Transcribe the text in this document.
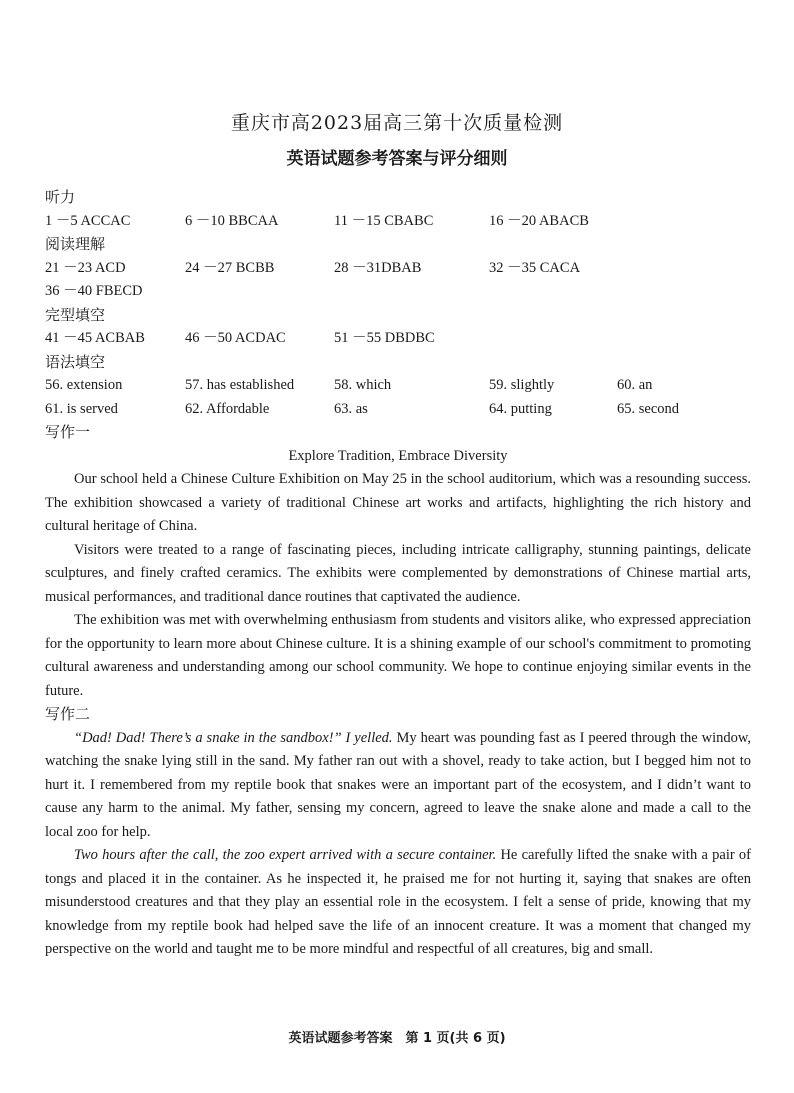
重庆市高2023届高三第十次质量检测
英语试题参考答案与评分细则
听力
1 －5 ACCAC	6 －10 BBCAA	11 －15 CBABC	16 －20 ABACB
阅读理解
21 －23 ACD	24 －27 BCBB	28 －31DBAB	32 －35 CACA
36 －40 FBECD
完型填空
41 －45 ACBAB	46 －50 ACDAC	51 －55 DBDBC
语法填空
56. extension	57. has established	58. which	59. slightly	60. an
61. is served	62. Affordable	63. as	64. putting	65. second
写作一
Explore Tradition, Embrace Diversity

Our school held a Chinese Culture Exhibition on May 25 in the school auditorium, which was a resounding success. The exhibition showcased a variety of traditional Chinese art works and artifacts, highlighting the rich history and cultural heritage of China.

Visitors were treated to a range of fascinating pieces, including intricate calligraphy, stunning paintings, delicate sculptures, and finely crafted ceramics. The exhibits were complemented by demonstrations of Chinese martial arts, musical performances, and traditional dance routines that captivated the audience.

The exhibition was met with overwhelming enthusiasm from students and visitors alike, who expressed appreciation for the opportunity to learn more about Chinese culture. It is a shining example of our school's commitment to promoting cultural awareness and understanding among our school community. We hope to continue enjoying similar events in the future.

写作二

“Dad! Dad! There’s a snake in the sandbox!” I yelled. My heart was pounding fast as I peered through the window, watching the snake lying still in the sand. My father ran out with a shovel, ready to take action, but I begged him not to hurt it. I remembered from my reptile book that snakes were an important part of the ecosystem, and I didn’t want to cause any harm to the animal. My father, sensing my concern, agreed to leave the snake alone and made a call to the local zoo for help.

Two hours after the call, the zoo expert arrived with a secure container. He carefully lifted the snake with a pair of tongs and placed it in the container. As he inspected it, he praised me for not hurting it, saying that snakes are often misunderstood creatures and that they play an essential role in the ecosystem. I felt a sense of pride, knowing that my knowledge from my reptile book had helped save the life of an innocent creature. It was a moment that changed my perspective on the world and taught me to be more mindful and respectful of all creatures, big and small.

英语试题参考答案　第 1 页(共 6 页)
